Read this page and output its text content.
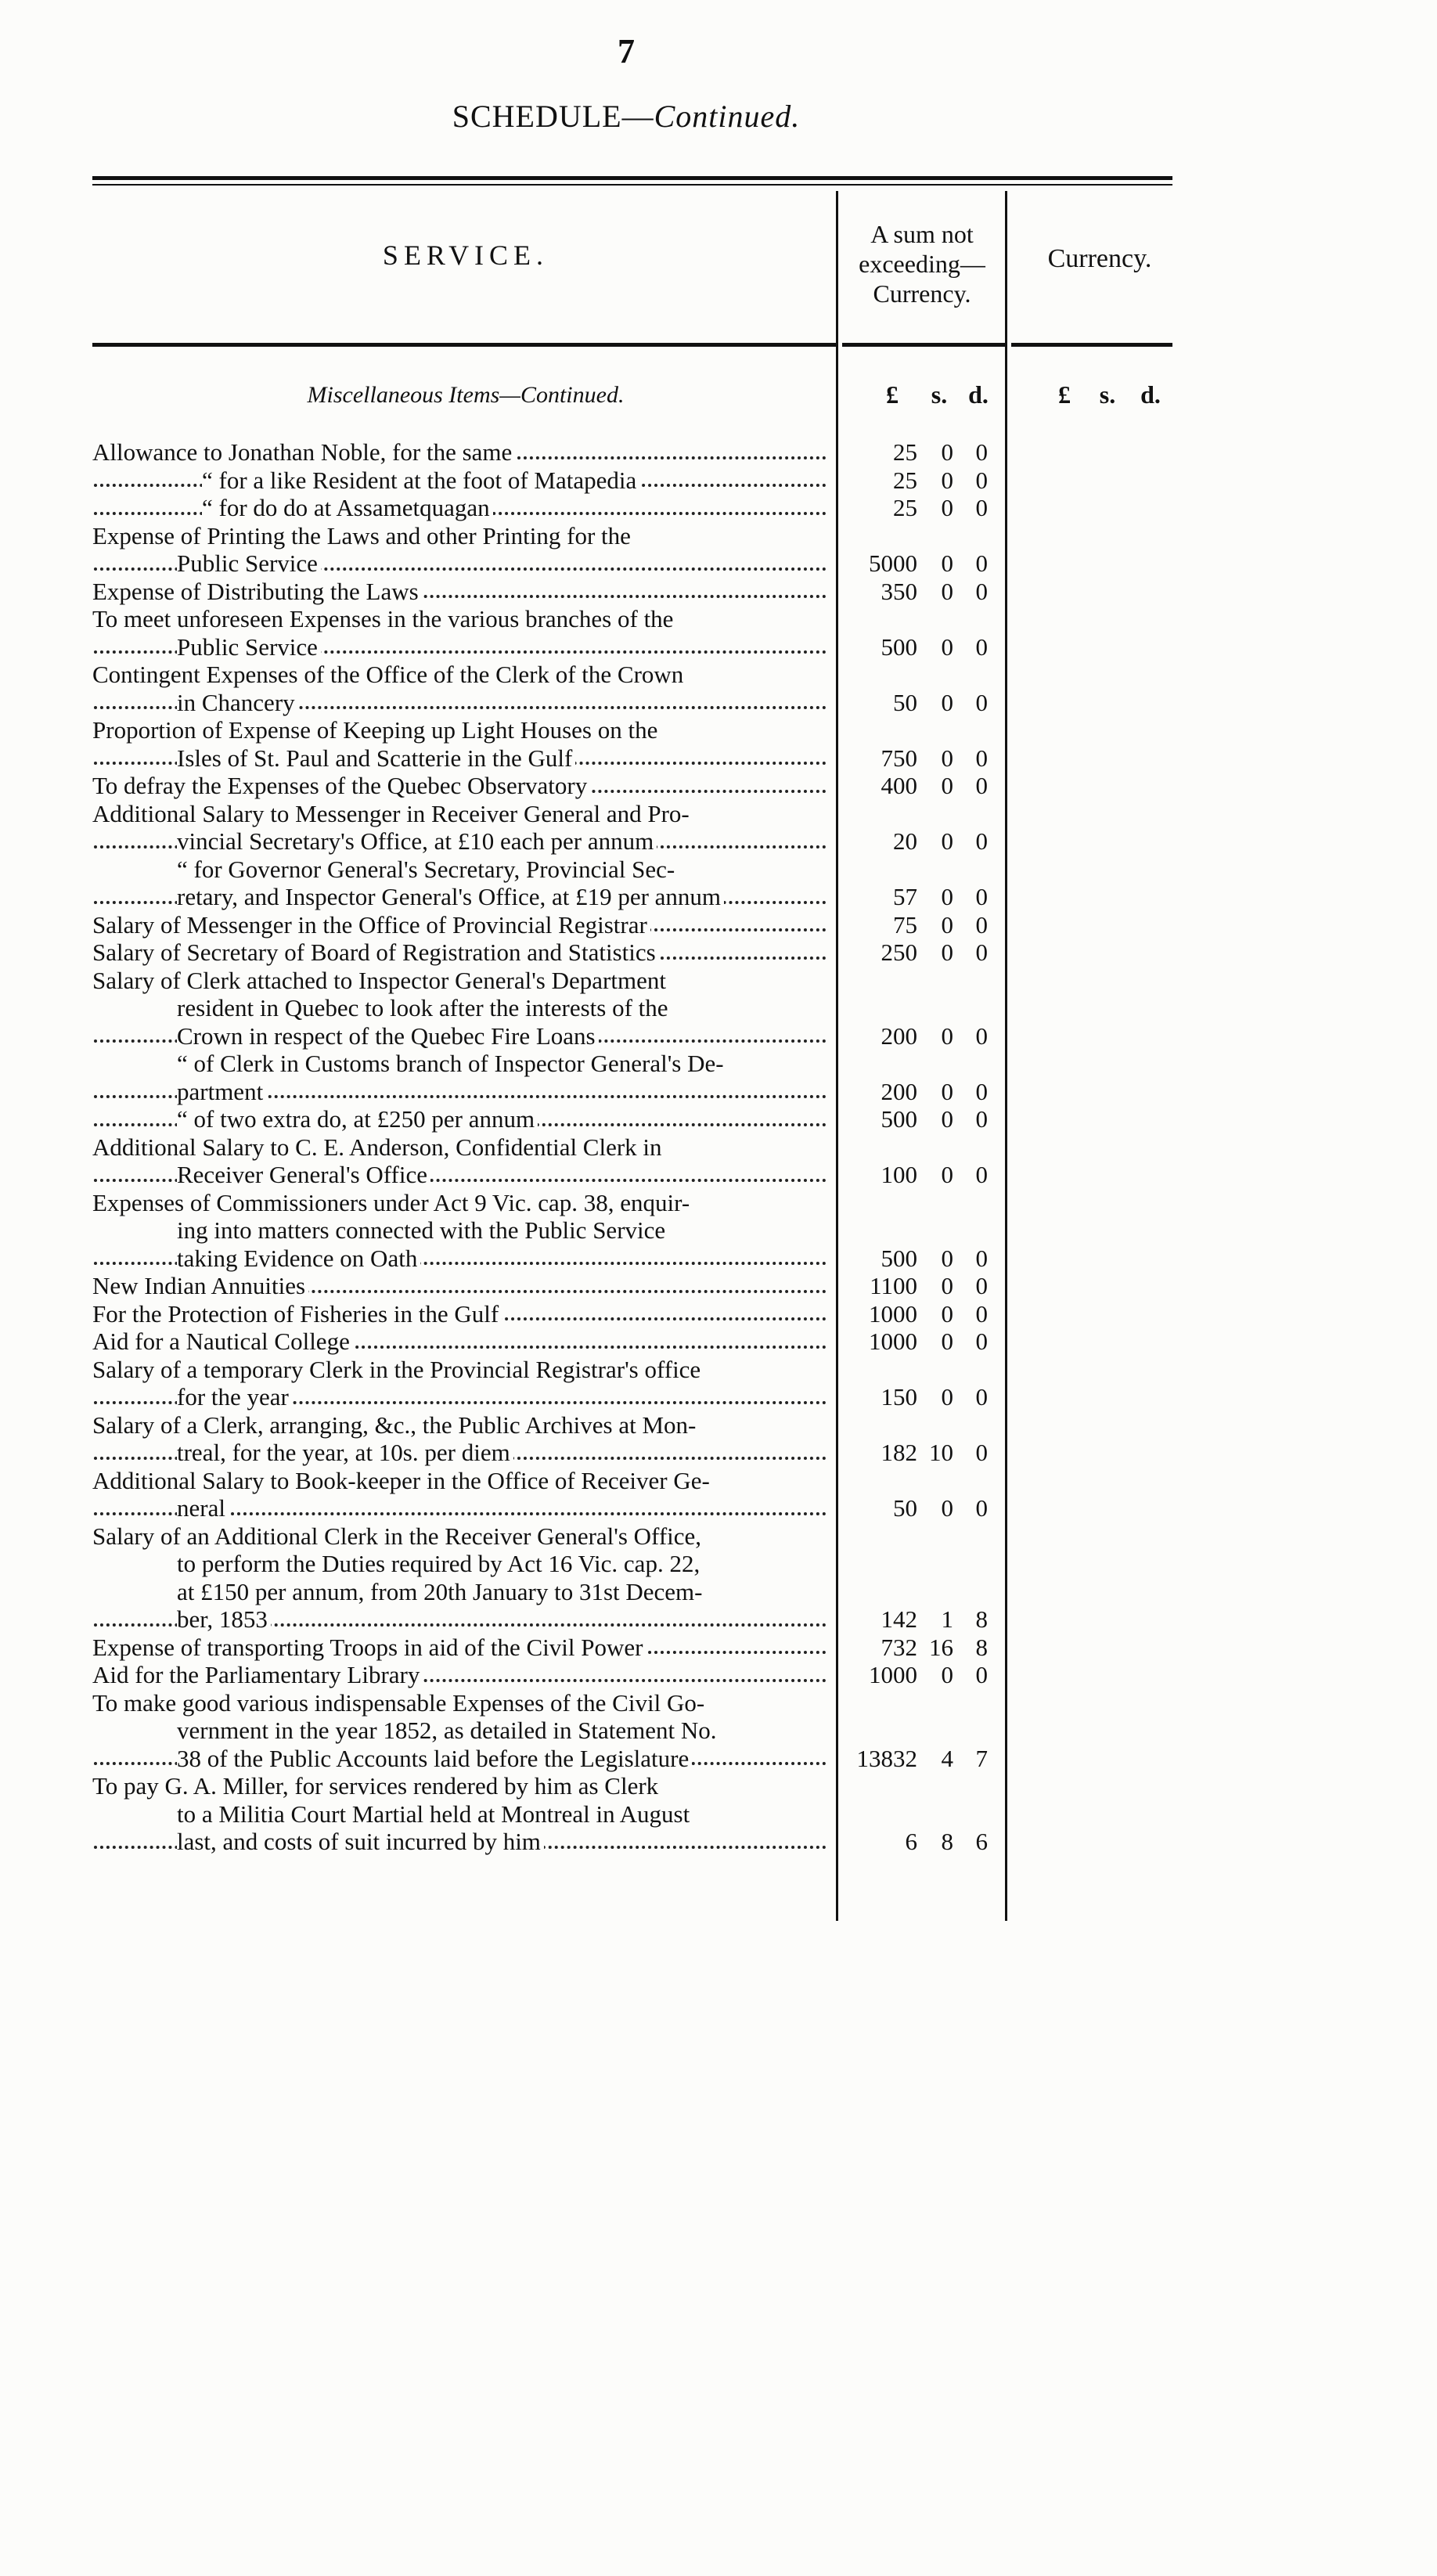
7
SCHEDULE—Continued.
SERVICE.
A sum not
exceeding—
Currency.
Currency.
Miscellaneous Items—Continued.	£	s. d.	£	s. d.
Allowance to Jonathan Noble, for the same	25 0 0
“ for a like Resident at the foot of Matapedia	25 0 0
“ for do do at Assametquagan	25 0 0
Expense of Printing the Laws and other Printing for the
Public Service	5000 0 0
Expense of Distributing the Laws	350 0 0
To meet unforeseen Expenses in the various branches of the
Public Service	500 0 0
Contingent Expenses of the Office of the Clerk of the Crown
in Chancery	50 0 0
Proportion of Expense of Keeping up Light Houses on the
Isles of St. Paul and Scatterie in the Gulf	750 0 0
To defray the Expenses of the Quebec Observatory	400 0 0
Additional Salary to Messenger in Receiver General and Pro-
vincial Secretary's Office, at £10 each per annum	20 0 0
“ for Governor General's Secretary, Provincial Sec-
retary, and Inspector General's Office, at £19 per annum	57 0 0
Salary of Messenger in the Office of Provincial Registrar	75 0 0
Salary of Secretary of Board of Registration and Statistics	250 0 0
Salary of Clerk attached to Inspector General's Department
resident in Quebec to look after the interests of the
Crown in respect of the Quebec Fire Loans	200 0 0
“ of Clerk in Customs branch of Inspector General's De-
partment	200 0 0
“ of two extra do, at £250 per annum	500 0 0
Additional Salary to C. E. Anderson, Confidential Clerk in
Receiver General's Office	100 0 0
Expenses of Commissioners under Act 9 Vic. cap. 38, enquir-
ing into matters connected with the Public Service
taking Evidence on Oath	500 0 0
New Indian Annuities	1100 0 0
For the Protection of Fisheries in the Gulf	1000 0 0
Aid for a Nautical College	1000 0 0
Salary of a temporary Clerk in the Provincial Registrar's office
for the year	150 0 0
Salary of a Clerk, arranging, &c., the Public Archives at Mon-
treal, for the year, at 10s. per diem	182 10 0
Additional Salary to Book-keeper in the Office of Receiver Ge-
neral	50 0 0
Salary of an Additional Clerk in the Receiver General's Office,
to perform the Duties required by Act 16 Vic. cap. 22,
at £150 per annum, from 20th January to 31st Decem-
ber, 1853	142 1 8
Expense of transporting Troops in aid of the Civil Power	732 16 8
Aid for the Parliamentary Library	1000 0 0
To make good various indispensable Expenses of the Civil Go-
vernment in the year 1852, as detailed in Statement No.
38 of the Public Accounts laid before the Legislature	13832 4 7
To pay G. A. Miller, for services rendered by him as Clerk
to a Militia Court Martial held at Montreal in August
last, and costs of suit incurred by him	6 8 6
